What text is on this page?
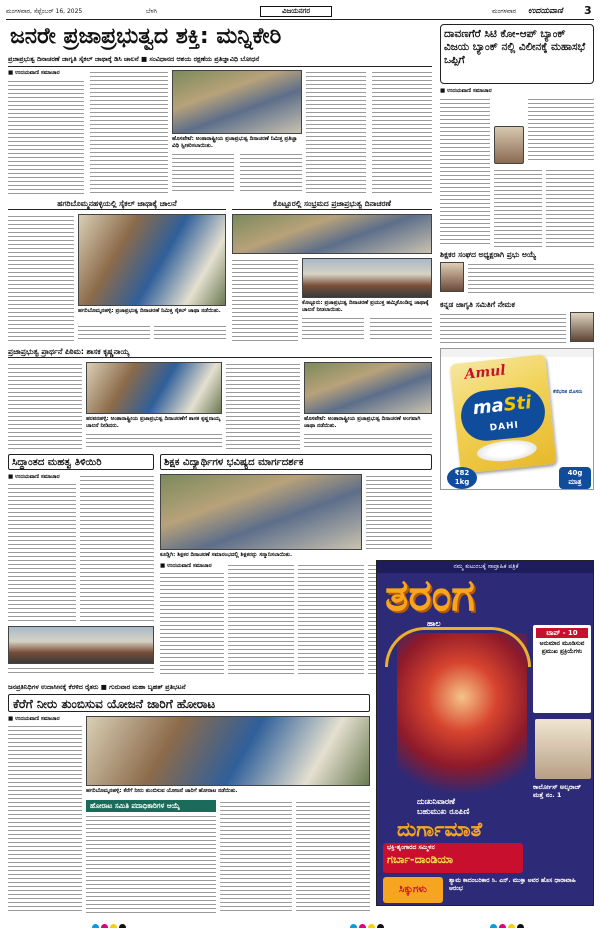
ಮಂಗಳವಾರ, ಸೆಪ್ಟೆಂಬರ್ 16, 2025	ಬೆಳಗಿ	ವಿಜಯನಗರ	ಮಂಗಳವಾರ ಉದಯವಾಣಿ 3
ಜನರೇ ಪ್ರಜಾಪ್ರಭುತ್ವದ ಶಕ್ತಿ: ಮನ್ನಿಕೇರಿ
ಪ್ರಜಾಪ್ರಭುತ್ವ ದಿನಾಚರಣೆ ಜಾಗೃತಿ ಸೈಕಲ್ ಜಾಥಾಕ್ಕೆ ಡಿಸಿ ಚಾಲನೆ ■ ಸಂವಿಧಾನದ ಆಶಯ ರಕ್ಷಣೆಯ ಪ್ರತಿಜ್ಞಾವಿಧಿ ಬೋಧನೆ
■ ಉದಯವಾಣಿ ಸಮಾಚಾರ
ಹೊಸಪೇಟೆ: ಅಂತಾರಾಷ್ಟ್ರೀಯ ಪ್ರಜಾಪ್ರಭುತ್ವ ದಿನಾಚರಣೆ ನಿಮಿತ್ತ ಪ್ರತಿಜ್ಞಾ ವಿಧಿ ಸ್ವೀಕರಿಸಲಾಯಿತು.
ದಾವಣಗೆರೆ ಸಿಟಿ ಕೋ-ಆಪ್ ಬ್ಯಾಂಕ್ ವಿಜಯ ಬ್ಯಾಂಕ್ ನಲ್ಲಿ ವಿಲೀನಕ್ಕೆ ಮಹಾಸಭೆ ಒಪ್ಪಿಗೆ
■ ಉದಯವಾಣಿ ಸಮಾಚಾರ
ಶಿಕ್ಷಕರ ಸಂಘದ ಅಧ್ಯಕ್ಷರಾಗಿ ಪ್ರಭು ಅಯ್ಯೆ
ಕನ್ನಡ ಜಾಗೃತಿ ಸಮಿತಿಗೆ ನೇಮಕ
ಹಗರಿಬೊಮ್ಮನಹಳ್ಳಿಯಲ್ಲಿ ಸೈಕಲ್ ಜಾಥಾಕ್ಕೆ ಚಾಲನೆ
ಹಗರಿಬೊಮ್ಮನಹಳ್ಳಿ: ಪ್ರಜಾಪ್ರಭುತ್ವ ದಿನಾಚರಣೆ ನಿಮಿತ್ತ ಸೈಕಲ್ ಜಾಥಾ ನಡೆಯಿತು.
ಕೊಟ್ಟೂರಲ್ಲಿ ಸಂಭ್ರಮದ ಪ್ರಜಾಪ್ರಭುತ್ವ ದಿನಾಚರಣೆ
ಕೊಟ್ಟೂರು: ಪ್ರಜಾಪ್ರಭುತ್ವ ದಿನಾಚರಣೆ ಪ್ರಯುಕ್ತ ಹಮ್ಮಿಕೊಂಡಿದ್ದ ಜಾಥಾಕ್ಕೆ ಚಾಲನೆ ನೀಡಲಾಯಿತು.
ಪ್ರಜಾಪ್ರಭುತ್ವ ಪ್ರಾರ್ಥನೆ ಪಿಠಿಮ: ಶಾಸಕ ಕೃಷ್ಣನಾಯ್ಕ
ಹರಪನಹಳ್ಳಿ: ಅಂತಾರಾಷ್ಟ್ರೀಯ ಪ್ರಜಾಪ್ರಭುತ್ವ ದಿನಾಚರಣೆಗೆ ಶಾಸಕ ಕೃಷ್ಣನಾಯ್ಕ ಚಾಲನೆ ನೀಡಿದರು.
ಹೊಸಪೇಟೆ: ಅಂತಾರಾಷ್ಟ್ರೀಯ ಪ್ರಜಾಪ್ರಭುತ್ವ ದಿನಾಚರಣೆ ಅಂಗವಾಗಿ ಜಾಥಾ ನಡೆಯಿತು.
Amul
maSti
DAHI
ಕೆನೆಭರಿತ ಮೊಸರು
₹82
1kg
40g
ಮಾತ್ರ
ಸಿದ್ಧಾಂತದ ಮಹತ್ವ ತಿಳಿಯಿರಿ
■ ಉದಯವಾಣಿ ಸಮಾಚಾರ
ಶಿಕ್ಷಕ ವಿದ್ಯಾರ್ಥಿಗಳ ಭವಿಷ್ಯದ ಮಾರ್ಗದರ್ಶಕ
ಕೂಡ್ಲಿಗಿ: ಶಿಕ್ಷಕರ ದಿನಾಚರಣೆ ಸಮಾರಂಭದಲ್ಲಿ ಶಿಕ್ಷಕರನ್ನು ಸನ್ಮಾನಿಸಲಾಯಿತು.
■ ಉದಯವಾಣಿ ಸಮಾಚಾರ	ನಮ್ಮ ಕುಟುಂಬಕ್ಕೆ ಸಾಪ್ತಾಹಿಕ ಪತ್ರಿಕೆ
ತರಂಗ
ಹಾಲ
ಟಾಪ್ - 10
ಅನುಮಾನ ಮೂಡಿಸುವ ಪ್ರಮುಖ ಪ್ರಕ್ರಿಯೆಗಳು
ಕಾರ್ಲೋಸ್ ಅಲ್ಕರಾಜ್ ಮತ್ತೆ ನಂ. 1
ದುಃಖನಿವಾರಣೆ
ಬಹುಮುಖ ರೂಪಿಣಿ
ದುರ್ಗಾಮಾತೆ
ಭಕ್ತಿ-ಶೃಂಗಾರದ ಸಮ್ಮಿಳನ
ಗರ್ಬಾ-ದಾಂಡಿಯಾ
ಸಿಕ್ಕುಗಳು
ಶ್ಯಾಮ ಕಾದಂಬರಿಕಾರ ಸಿ. ಎನ್. ಮುಕ್ತಾ ಅವರ ಹೊಸ ಧಾರಾವಾಹಿ ಆರಂಭ
ಜನಪ್ರತಿನಿಧಿಗಳ ಉದಾಸೀನಕ್ಕೆ ಕೆರಳಿದ ರೈತರು ■ ಗುರುವಾರ ಮಹಾ ಬೃಹತ್ ಪ್ರತಿಭಟನೆ
ಕೆರೆಗೆ ನೀರು ತುಂಬಿಸುವ ಯೋಜನೆ ಜಾರಿಗೆ ಹೋರಾಟ
■ ಉದಯವಾಣಿ ಸಮಾಚಾರ
ಹಗರಿಬೊಮ್ಮನಹಳ್ಳಿ: ಕೆರೆಗೆ ನೀರು ತುಂಬಿಸುವ ಯೋಜನೆ ಜಾರಿಗೆ ಹೋರಾಟ ನಡೆಯಿತು.
ಹೋರಾಟ ಸಮಿತಿ ಪದಾಧಿಕಾರಿಗಳ ಆಯ್ಕೆ
